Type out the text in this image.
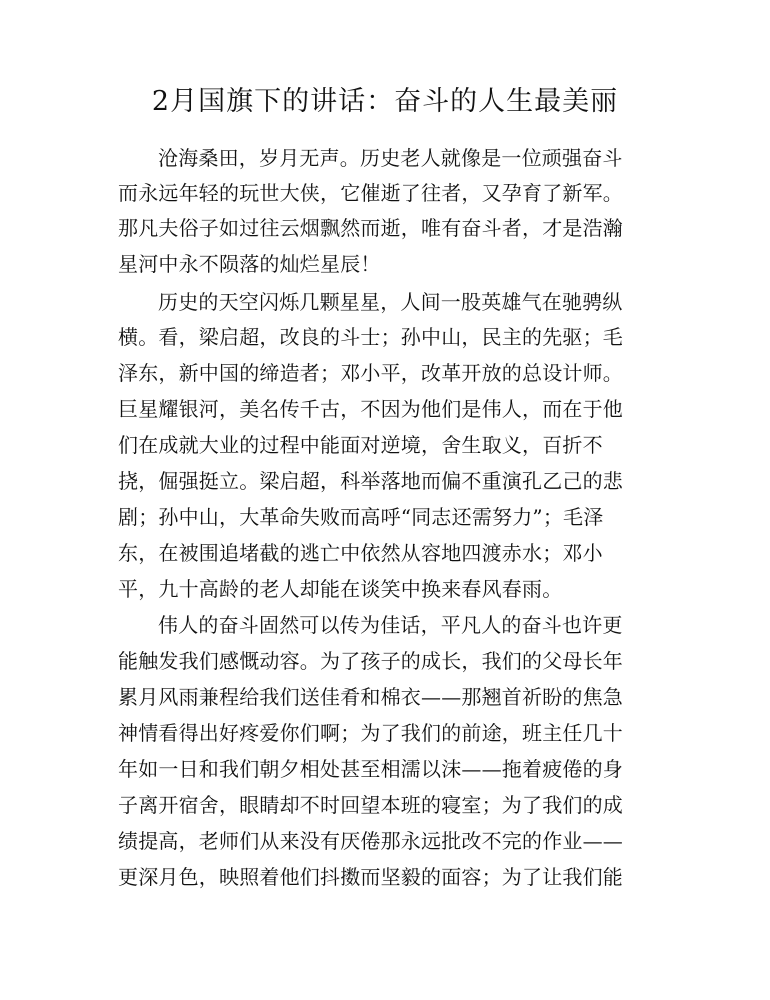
2月国旗下的讲话：奋斗的人生最美丽

沧海桑田，岁月无声。历史老人就像是一位顽强奋斗

而永远年轻的玩世大侠，它催逝了往者，又孕育了新军。

那凡夫俗子如过往云烟飘然而逝，唯有奋斗者，才是浩瀚

星河中永不陨落的灿烂星辰！

历史的天空闪烁几颗星星，人间一股英雄气在驰骋纵

横。看，梁启超，改良的斗士；孙中山，民主的先驱；毛

泽东，新中国的缔造者；邓小平，改革开放的总设计师。

巨星耀银河，美名传千古，不因为他们是伟人，而在于他

们在成就大业的过程中能面对逆境，舍生取义，百折不

挠，倔强挺立。梁启超，科举落地而偏不重演孔乙己的悲

剧；孙中山，大革命失败而高呼“同志还需努力”；毛泽

东，在被围追堵截的逃亡中依然从容地四渡赤水；邓小

平，九十高龄的老人却能在谈笑中换来春风春雨。

伟人的奋斗固然可以传为佳话，平凡人的奋斗也许更

能触发我们感慨动容。为了孩子的成长，我们的父母长年

累月风雨兼程给我们送佳肴和棉衣——那翘首祈盼的焦急

神情看得出好疼爱你们啊；为了我们的前途，班主任几十

年如一日和我们朝夕相处甚至相濡以沫——拖着疲倦的身

子离开宿舍，眼睛却不时回望本班的寝室；为了我们的成

绩提高，老师们从来没有厌倦那永远批改不完的作业——

更深月色，映照着他们抖擞而坚毅的面容；为了让我们能
